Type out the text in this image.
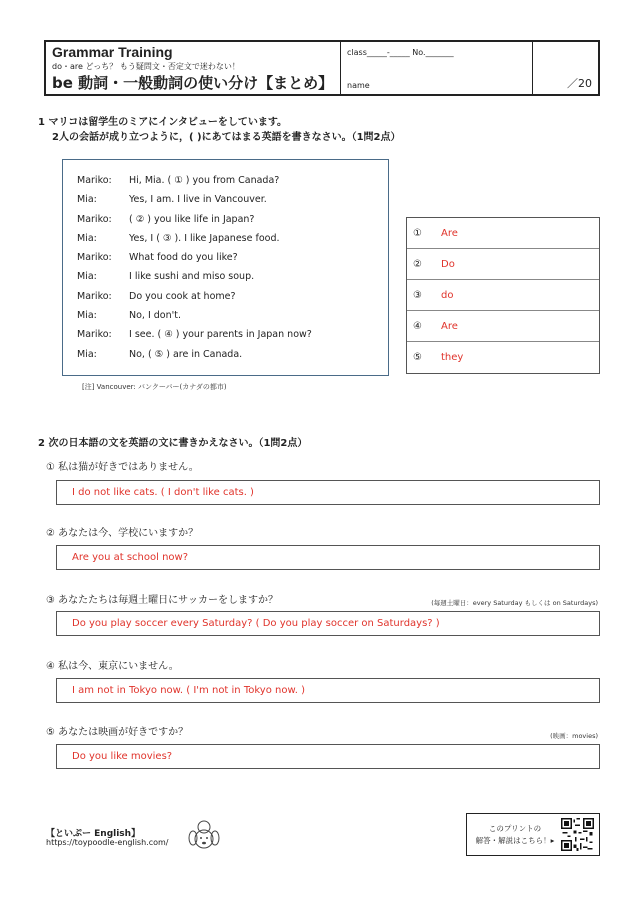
Grammar Training
do・are どっち？ もう疑問文・否定文で迷わない！
be 動詞・一般動詞の使い分け【まとめ】
class_____-_____ No._______
name	／20
1 マリコは留学生のミアにインタビューをしています。
2人の会話が成り立つように，( )にあてはまる英語を書きなさい。（1問2点）
Mariko:	Hi, Mia. ( ① ) you from Canada?
Mia:	Yes, I am. I live in Vancouver.
Mariko:	( ② ) you like life in Japan?
Mia:	Yes, I ( ③ ). I like Japanese food.
Mariko:	What food do you like?
Mia:	I like sushi and miso soup.
Mariko:	Do you cook at home?
Mia:	No, I don't.
Mariko:	I see. ( ④ ) your parents in Japan now?
Mia:	No, ( ⑤ ) are in Canada.
[注] Vancouver: バンクーバー(カナダの都市)
①	Are
②	Do
③	do
④	Are
⑤	they
2 次の日本語の文を英語の文に書きかえなさい。（1問2点）
① 私は猫が好きではありません。
I do not like cats. ( I don't like cats. )
② あなたは今、学校にいますか？
Are you at school now?
③ あなたたちは毎週土曜日にサッカーをしますか？	(毎週土曜日：every Saturday もしくは on Saturdays)
Do you play soccer every Saturday? ( Do you play soccer on Saturdays? )
④ 私は今、東京にいません。
I am not in Tokyo now. ( I'm not in Tokyo now. )
⑤ あなたは映画が好きですか？	(映画：movies)
Do you like movies?
【といぷー English】
https://toypoodle-english.com/
このプリントの
解答・解説はこちら！▸
